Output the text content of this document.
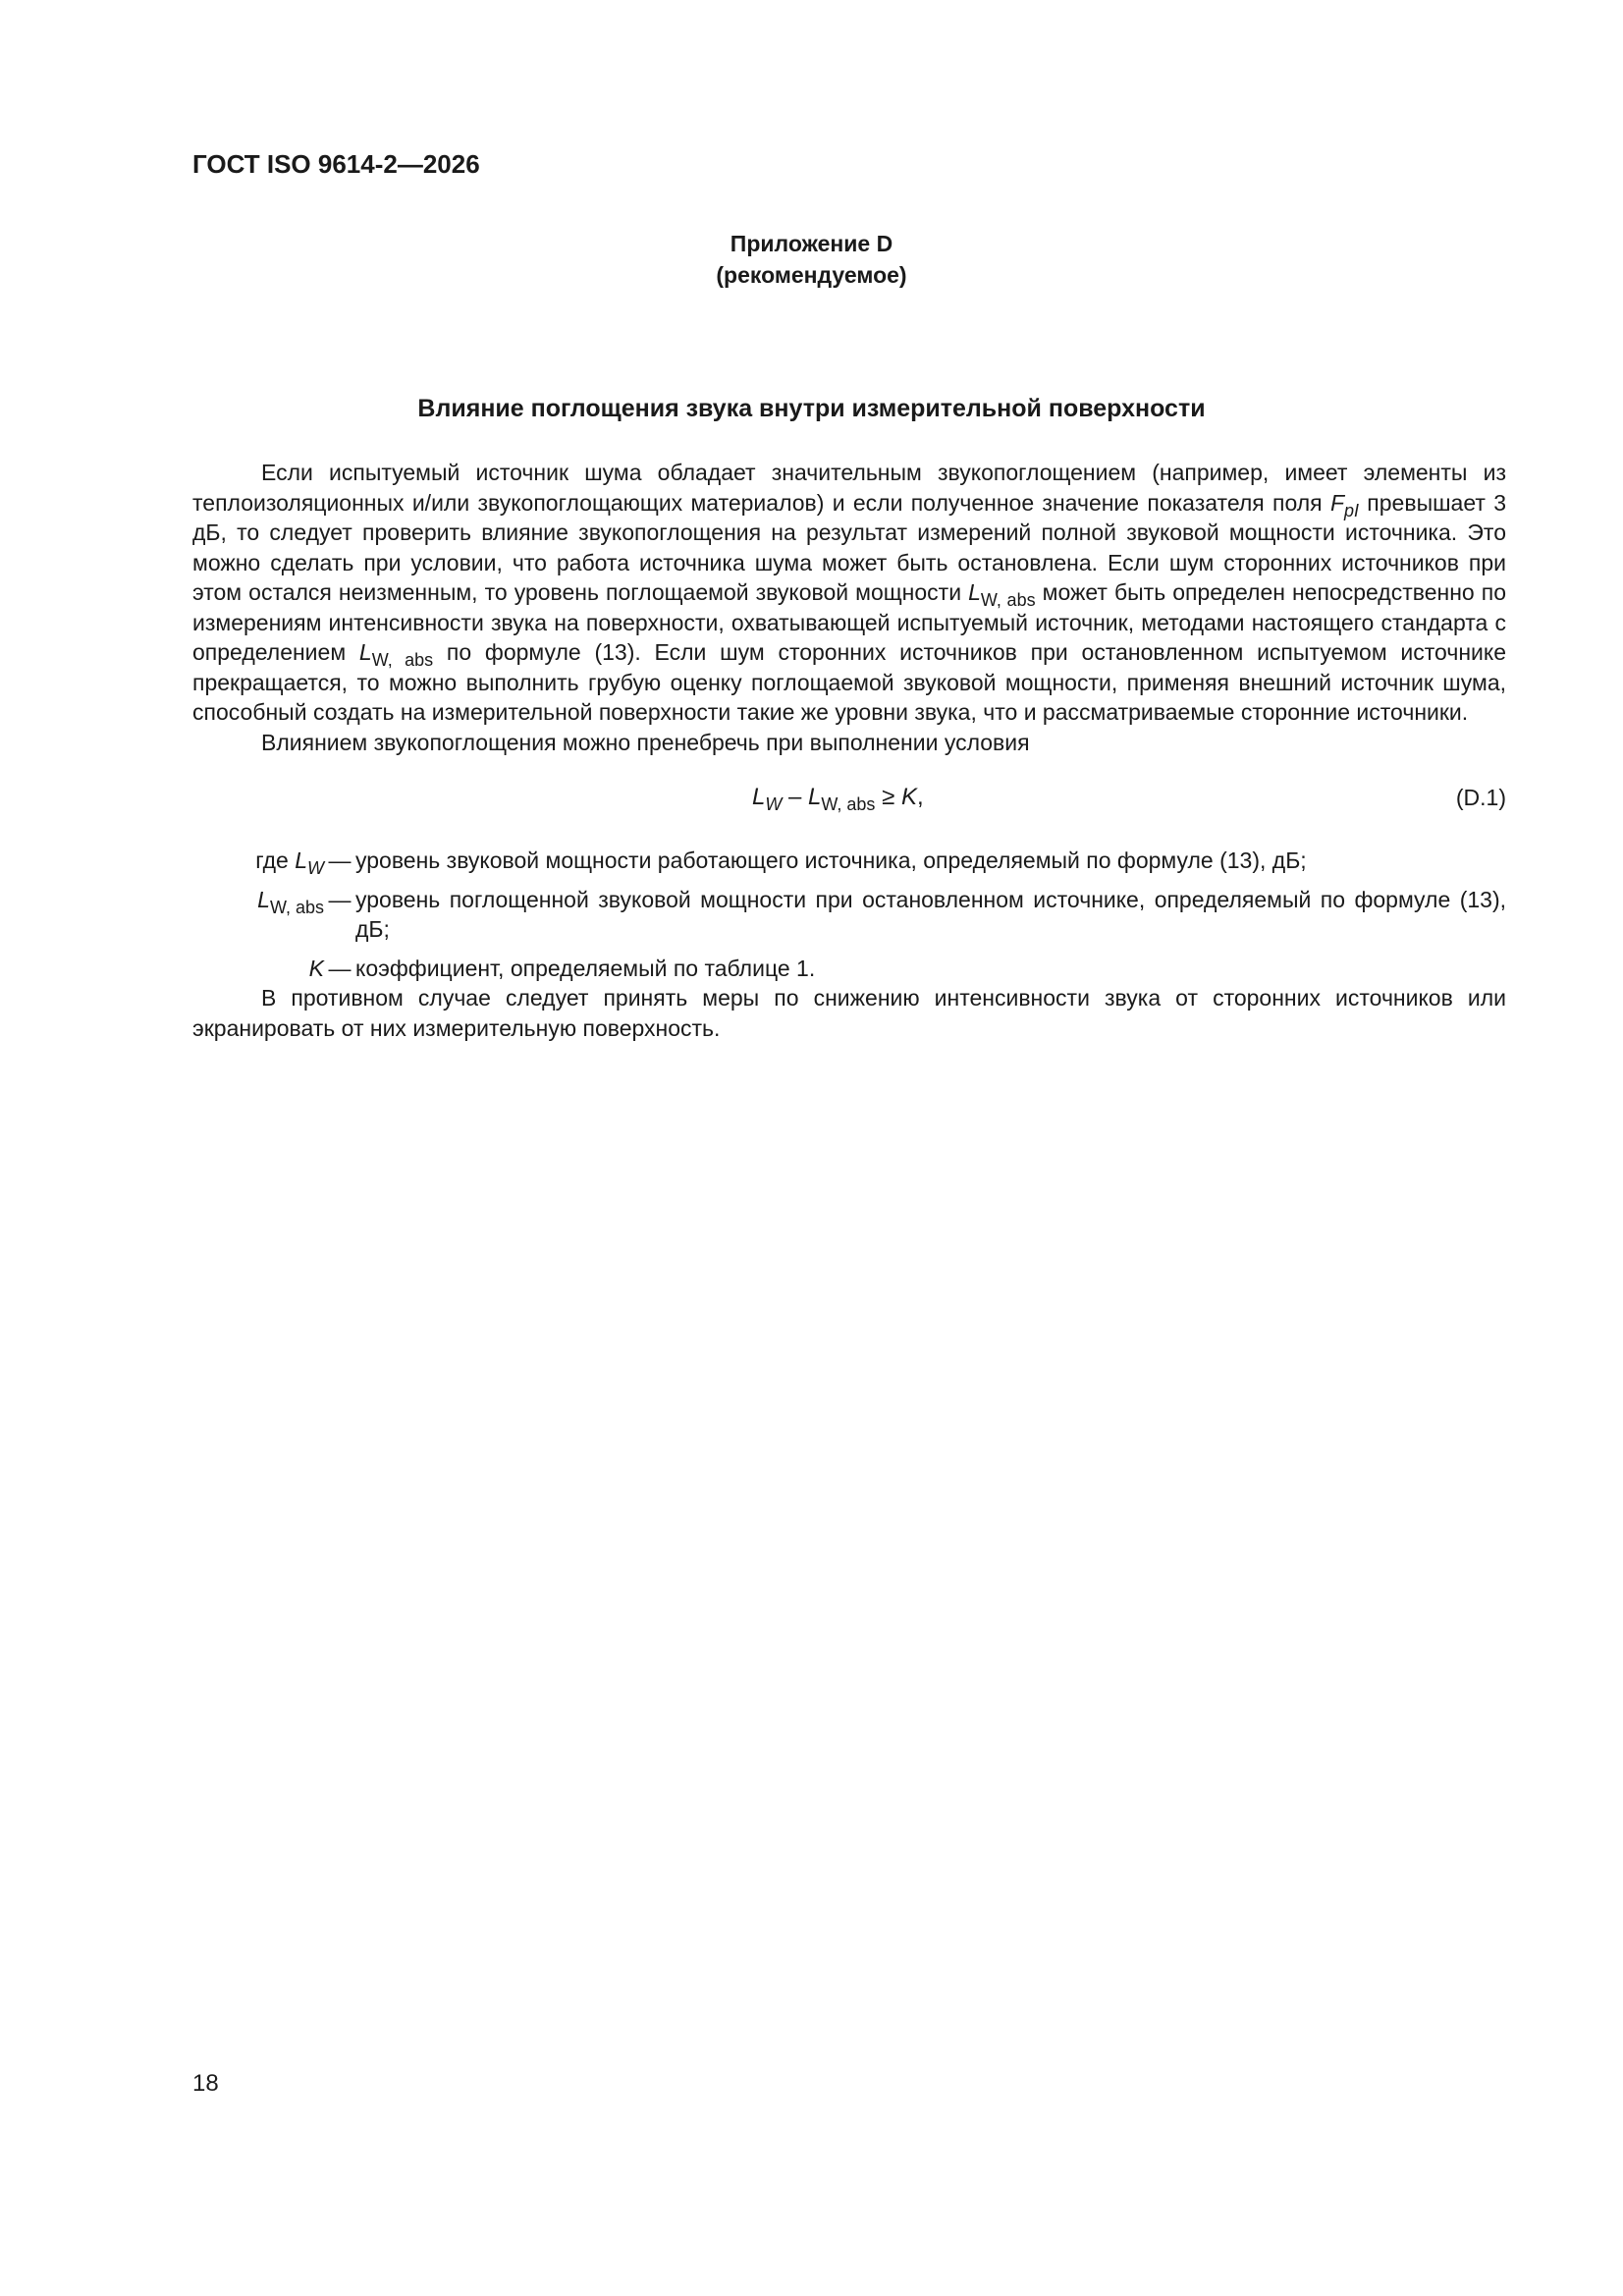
ГОСТ ISO 9614-2—2026
Приложение D
(рекомендуемое)
Влияние поглощения звука внутри измерительной поверхности

Если испытуемый источник шума обладает значительным звукопоглощением (например, имеет элементы из теплоизоляционных и/или звукопоглощающих материалов) и если полученное значение показателя поля $F_{pI}$ превышает 3 дБ, то следует проверить влияние звукопоглощения на результат измерений полной звуковой мощности источника. Это можно сделать при условии, что работа источника шума может быть остановлена. Если шум сторонних источников при этом остался неизменным, то уровень поглощаемой звуковой мощности $L_{W, abs}$ может быть определен непосредственно по измерениям интенсивности звука на поверхности, охватывающей испытуемый источник, методами настоящего стандарта с определением $L_{W, abs}$ по формуле (13). Если шум сторонних источников при остановленном испытуемом источнике прекращается, то можно выполнить грубую оценку поглощаемой звуковой мощности, применяя внешний источник шума, способный создать на измерительной поверхности такие же уровни звука, что и рассматриваемые сторонние источники.

Влиянием звукопоглощения можно пренебречь при выполнении условия

$L_W - L_{W, abs} \ge K$,	(D.1)
где $L_W$ — уровень звуковой мощности работающего источника, определяемый по формуле (13), дБ;
$L_{W, abs}$ — уровень поглощенной звуковой мощности при остановленном источнике, определяемый по формуле (13), дБ;
K — коэффициент, определяемый по таблице 1.

В противном случае следует принять меры по снижению интенсивности звука от сторонних источников или экранировать от них измерительную поверхность.

18
